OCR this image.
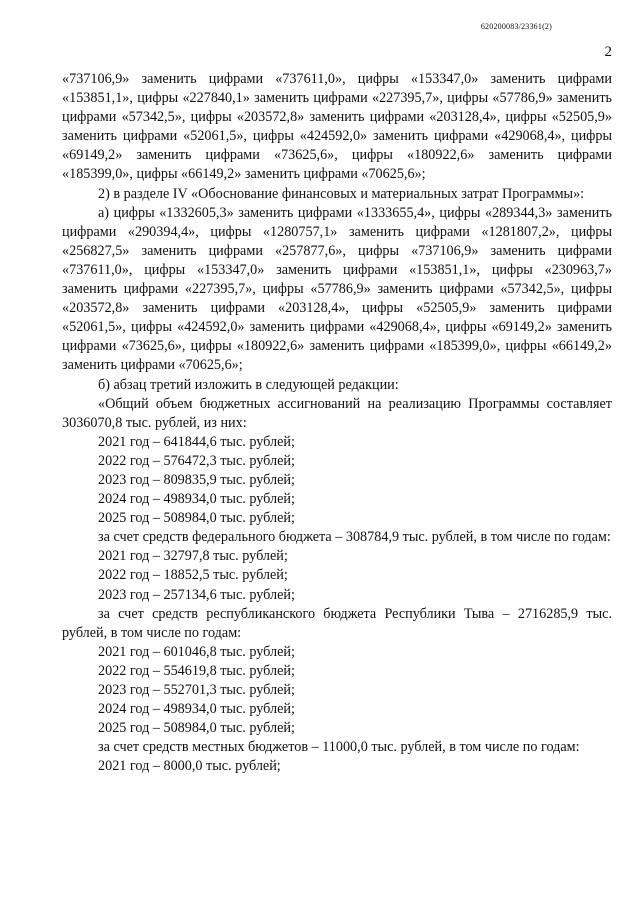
620200083/23361(2)
2

«737106,9» заменить цифрами «737611,0», цифры «153347,0» заменить цифрами «153851,1», цифры «227840,1» заменить цифрами «227395,7», цифры «57786,9» заменить цифрами «57342,5», цифры «203572,8» заменить цифрами «203128,4», цифры «52505,9» заменить цифрами «52061,5», цифры «424592,0» заменить цифрами «429068,4», цифры «69149,2» заменить цифрами «73625,6», цифры «180922,6» заменить цифрами «185399,0», цифры «66149,2» заменить цифрами «70625,6»;

2) в разделе IV «Обоснование финансовых и материальных затрат Программы»:

а) цифры «1332605,3» заменить цифрами «1333655,4», цифры «289344,3» заменить цифрами «290394,4», цифры «1280757,1» заменить цифрами «1281807,2», цифры «256827,5» заменить цифрами «257877,6», цифры «737106,9» заменить цифрами «737611,0», цифры «153347,0» заменить цифрами «153851,1», цифры «230963,7» заменить цифрами «227395,7», цифры «57786,9» заменить цифрами «57342,5», цифры «203572,8» заменить цифрами «203128,4», цифры «52505,9» заменить цифрами «52061,5», цифры «424592,0» заменить цифрами «429068,4», цифры «69149,2» заменить цифрами «73625,6», цифры «180922,6» заменить цифрами «185399,0», цифры «66149,2» заменить цифрами «70625,6»;

б) абзац третий изложить в следующей редакции:

«Общий объем бюджетных ассигнований на реализацию Программы составляет 3036070,8 тыс. рублей, из них:

2021 год – 641844,6 тыс. рублей;

2022 год – 576472,3 тыс. рублей;

2023 год – 809835,9 тыс. рублей;

2024 год – 498934,0 тыс. рублей;

2025 год – 508984,0 тыс. рублей;

за счет средств федерального бюджета – 308784,9 тыс. рублей, в том числе по годам:

2021 год – 32797,8 тыс. рублей;

2022 год – 18852,5 тыс. рублей;

2023 год – 257134,6 тыс. рублей;

за счет средств республиканского бюджета Республики Тыва – 2716285,9 тыс. рублей, в том числе по годам:

2021 год – 601046,8 тыс. рублей;

2022 год – 554619,8 тыс. рублей;

2023 год – 552701,3 тыс. рублей;

2024 год – 498934,0 тыс. рублей;

2025 год – 508984,0 тыс. рублей;

за счет средств местных бюджетов – 11000,0 тыс. рублей, в том числе по годам:

2021 год – 8000,0 тыс. рублей;
